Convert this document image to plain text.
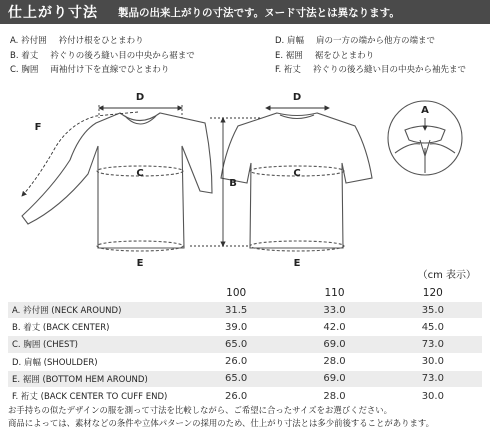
仕上がり寸法 製品の出来上がりの寸法です。ヌード寸法とは異なります。
A. 衿付囲 衿付け根をひとまわり
B. 着丈 衿ぐりの後ろ縫い目の中央から裾まで
C. 胸囲 両袖付け下を直線でひとまわり
D. 肩幅 肩の一方の端から他方の端まで
E. 裾囲 裾をひとまわり
F. 裄丈 衿ぐりの後ろ縫い目の中央から袖先まで
D	D
F
C	C
B
E	E
A
（cm 表示）
	100	110	120
A. 衿付囲 (NECK AROUND)	31.5	33.0	35.0
B. 着丈 (BACK CENTER)	39.0	42.0	45.0
C. 胸囲 (CHEST)	65.0	69.0	73.0
D. 肩幅 (SHOULDER)	26.0	28.0	30.0
E. 裾囲 (BOTTOM HEM AROUND)	65.0	69.0	73.0
F. 裄丈 (BACK CENTER TO CUFF END)	26.0	28.0	30.0
お手持ちの似たデザインの服を測って寸法を比較しながら、ご希望に合ったサイズをお選びください。
商品によっては、素材などの条件や立体パターンの採用のため、仕上がり寸法とは多少前後することがあります。
